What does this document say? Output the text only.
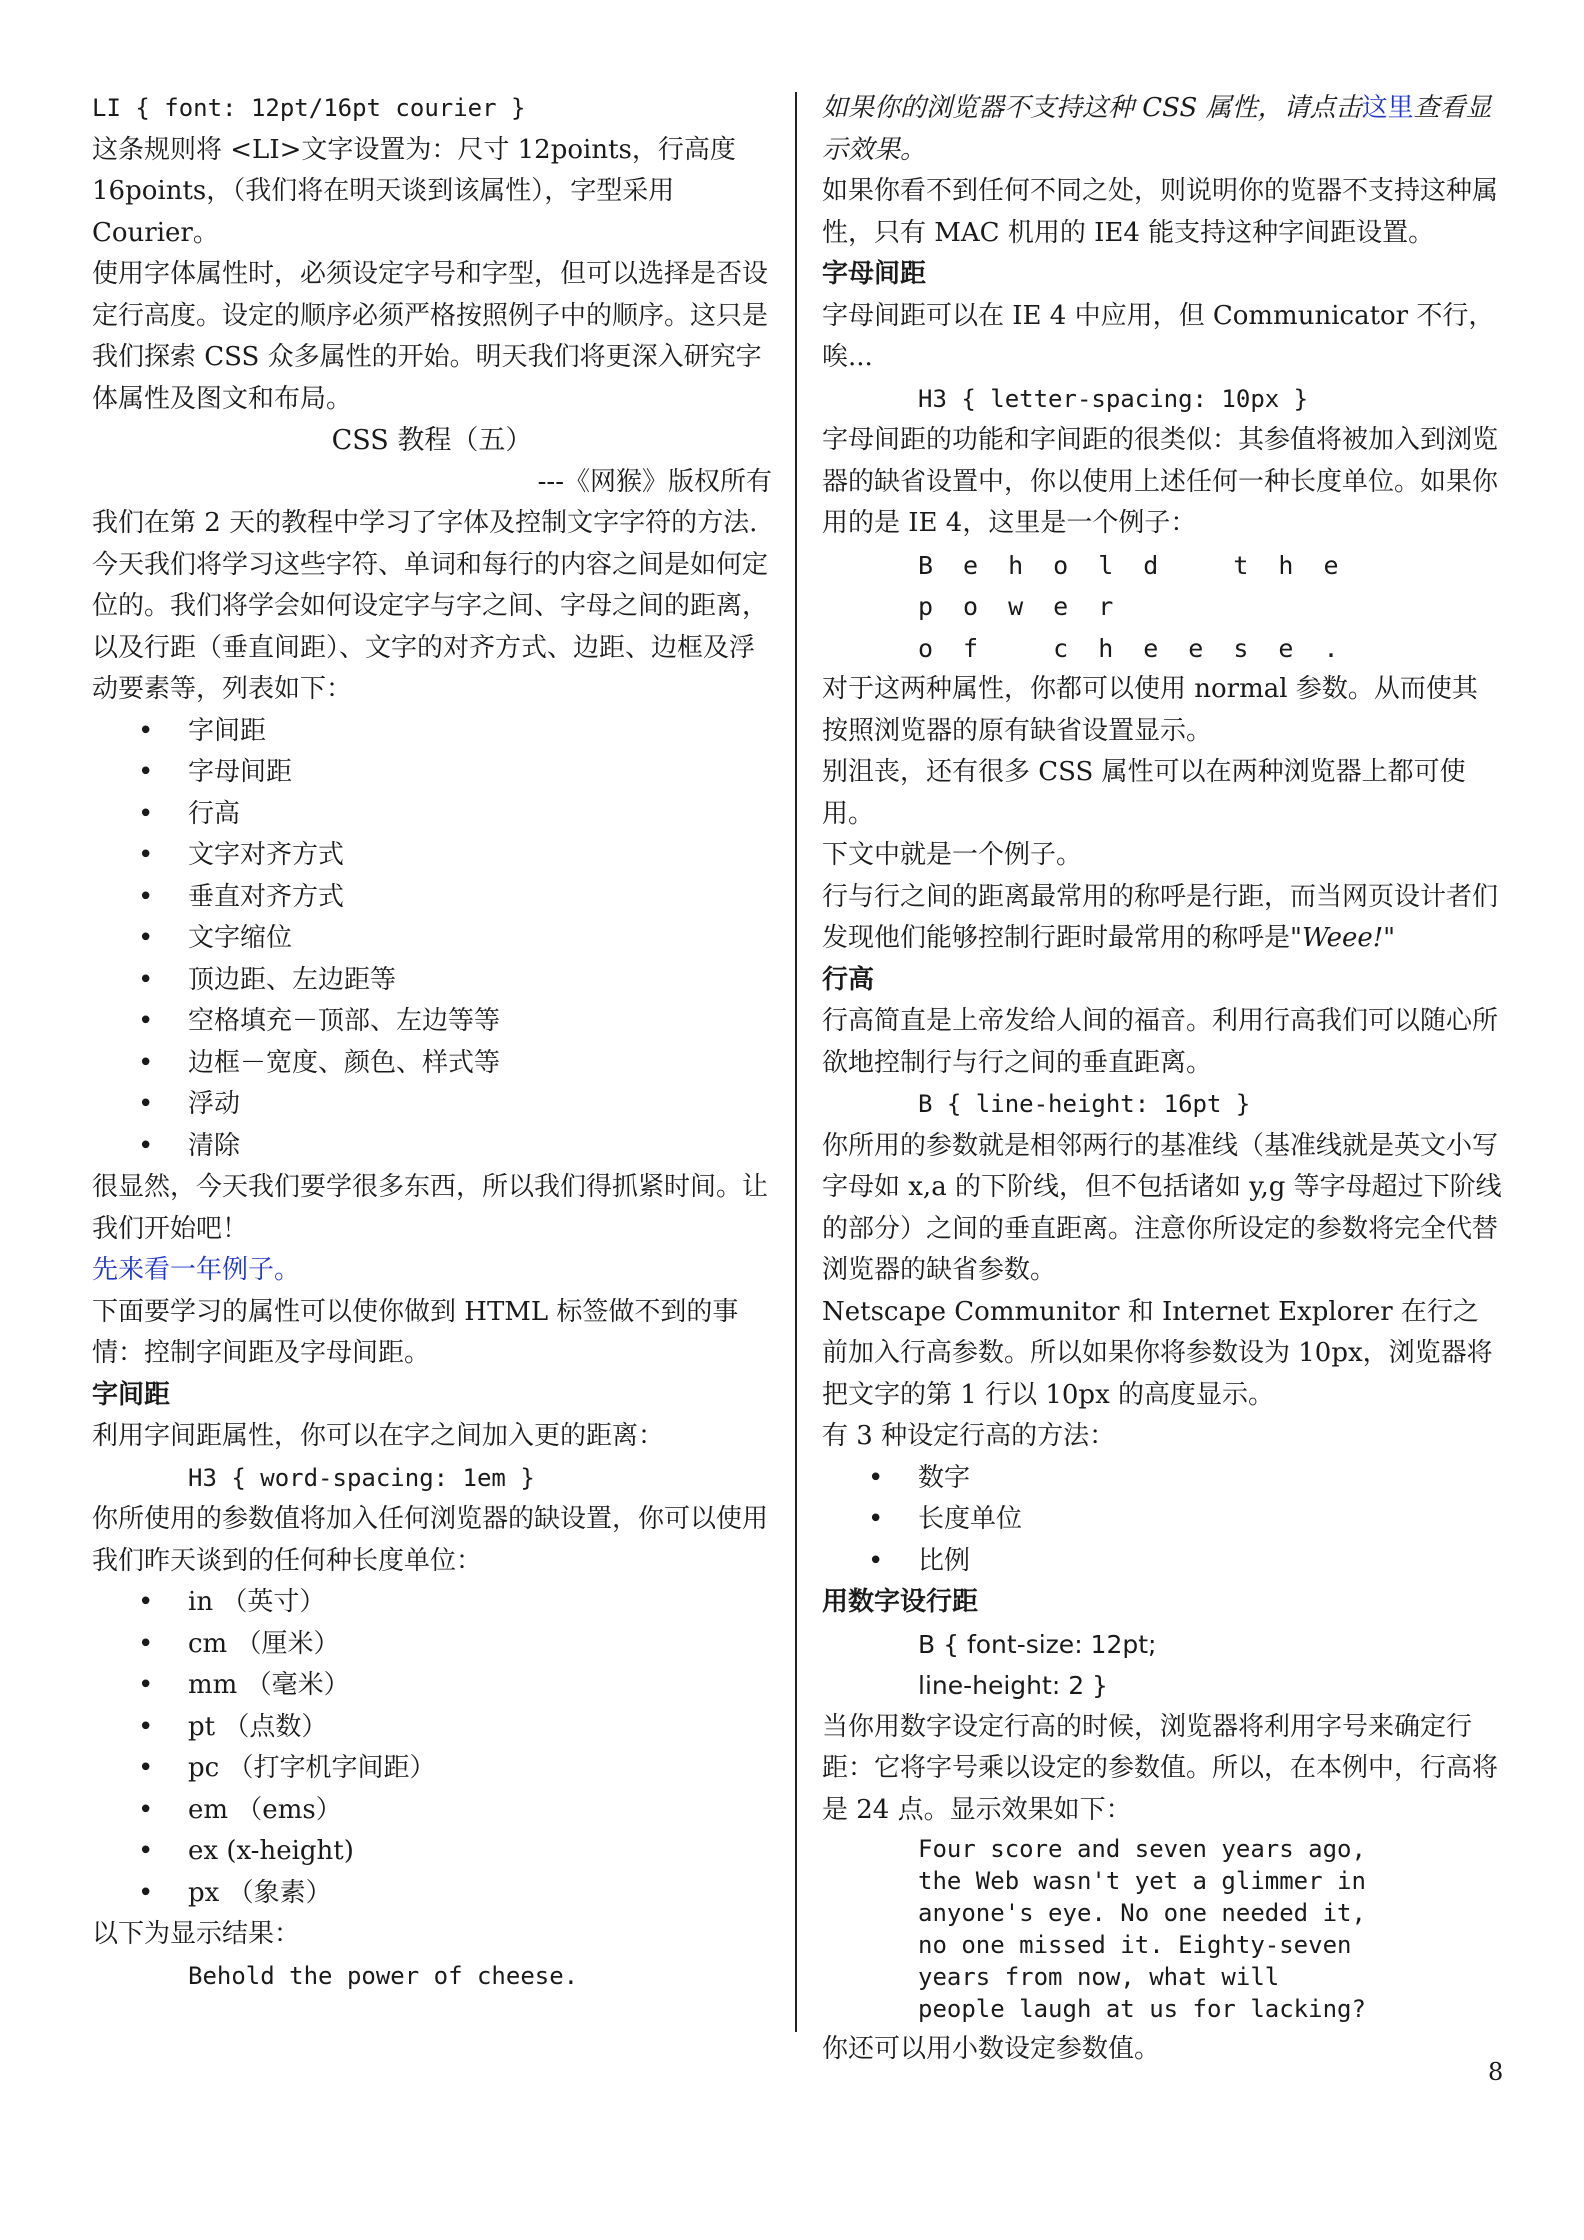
LI { font: 12pt/16pt courier }

这条规则将 <LI>文字设置为：尺寸 12points，行高度 16points，（我们将在明天谈到该属性），字型采用 Courier。

使用字体属性时，必须设定字号和字型，但可以选择是否设定行高度。设定的顺序必须严格按照例子中的顺序。这只是我们探索 CSS 众多属性的开始。明天我们将更深入研究字体属性及图文和布局。

CSS 教程（五）

---《网猴》版权所有

我们在第 2 天的教程中学习了字体及控制文字字符的方法.今天我们将学习这些字符、单词和每行的内容之间是如何定位的。我们将学会如何设定字与字之间、字母之间的距离，以及行距（垂直间距）、文字的对齐方式、边距、边框及浮动要素等，列表如下：

• 字间距
• 字母间距
• 行高
• 文字对齐方式
• 垂直对齐方式
• 文字缩位
• 顶边距、左边距等
• 空格填充－顶部、左边等等
• 边框－宽度、颜色、样式等
• 浮动
• 清除

很显然，今天我们要学很多东西，所以我们得抓紧时间。让我们开始吧！

先来看一年例子。

下面要学习的属性可以使你做到 HTML 标签做不到的事情：控制字间距及字母间距。

字间距

利用字间距属性，你可以在字之间加入更的距离：

H3 { word-spacing: 1em }

你所使用的参数值将加入任何浏览器的缺设置，你可以使用我们昨天谈到的任何种长度单位：

• in （英寸）
• cm （厘米）
• mm （毫米）
• pt （点数）
• pc （打字机字间距）
• em （ems）
• ex (x-height)
• px （象素）

以下为显示结果：

Behold the power of cheese.

如果你的浏览器不支持这种 CSS 属性，请点击这里查看显示效果。

如果你看不到任何不同之处，则说明你的览器不支持这种属性，只有 MAC 机用的 IE4 能支持这种字间距设置。

字母间距

字母间距可以在 IE 4 中应用，但 Communicator 不行，唉...

H3 { letter-spacing: 10px }

字母间距的功能和字间距的很类似：其参值将被加入到浏览器的缺省设置中，你以使用上述任何一种长度单位。如果你用的是 IE 4，这里是一个例子：

Behold the power

of cheese.

对于这两种属性，你都可以使用 normal 参数。从而使其按照浏览器的原有缺省设置显示。

别沮丧，还有很多 CSS 属性可以在两种浏览器上都可使用。

下文中就是一个例子。

行与行之间的距离最常用的称呼是行距，而当网页设计者们发现他们能够控制行距时最常用的称呼是"Weee!"

行高

行高简直是上帝发给人间的福音。利用行高我们可以随心所欲地控制行与行之间的垂直距离。

B { line-height: 16pt }

你所用的参数就是相邻两行的基准线（基准线就是英文小写字母如 x,a 的下阶线，但不包括诸如 y,g 等字母超过下阶线的部分）之间的垂直距离。注意你所设定的参数将完全代替浏览器的缺省参数。

Netscape Communitor 和 Internet Explorer 在行之前加入行高参数。所以如果你将参数设为 10px，浏览器将把文字的第 1 行以 10px 的高度显示。

有 3 种设定行高的方法：

• 数字
• 长度单位
• 比例

用数字设行距

B { font-size: 12pt;

line-height: 2 }

当你用数字设定行高的时候，浏览器将利用字号来确定行距：它将字号乘以设定的参数值。所以，在本例中，行高将是 24 点。显示效果如下：

Four score and seven years ago,
the Web wasn't yet a glimmer in
anyone's eye. No one needed it,
no one missed it. Eighty-seven
years from now, what will
people laugh at us for lacking?

你还可以用小数设定参数值。

8
